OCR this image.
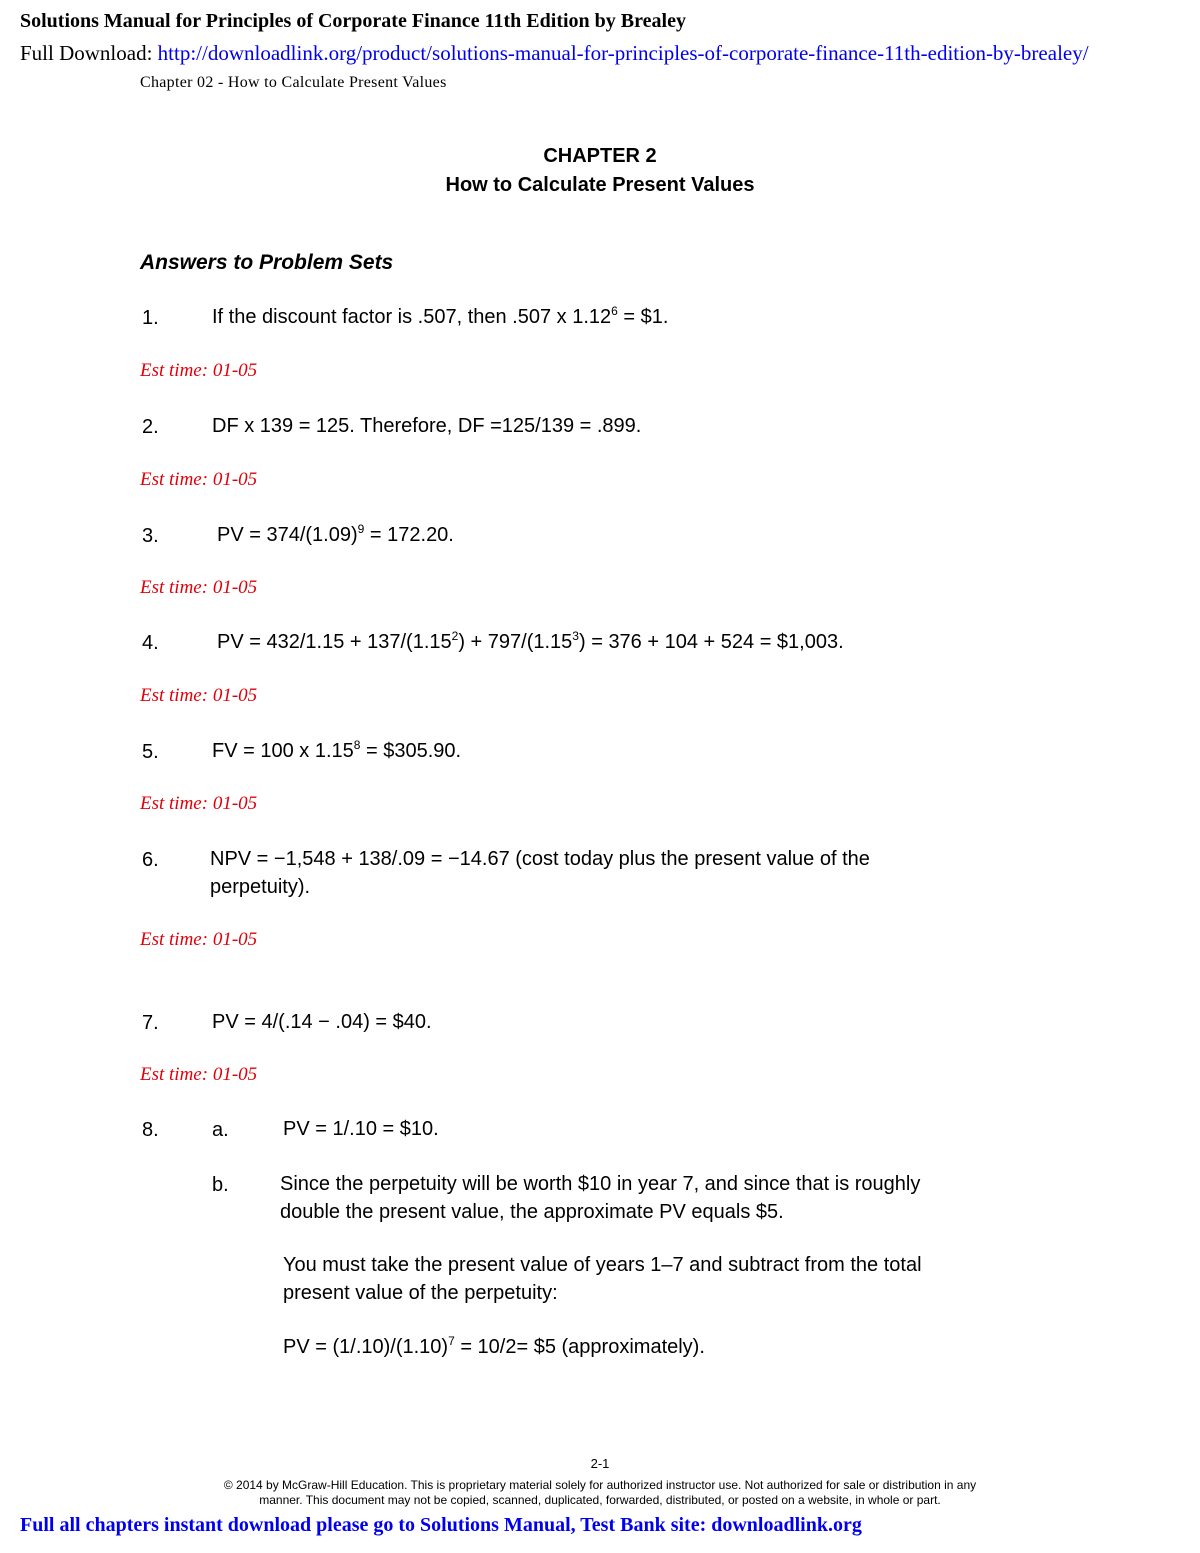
Solutions Manual for Principles of Corporate Finance 11th Edition by Brealey
Full Download: http://downloadlink.org/product/solutions-manual-for-principles-of-corporate-finance-11th-edition-by-brealey/
Chapter 02 - How to Calculate Present Values
CHAPTER 2
How to Calculate Present Values
Answers to Problem Sets
1.	If the discount factor is .507, then .507 x $1.12^6$ = $1.
Est time: 01-05
2.	DF x 139 = 125. Therefore, DF =125/139 = .899.
Est time: 01-05
3.	PV = $374/(1.09)^9 = 172.20$.
Est time: 01-05
4.	PV = $432/1.15 + 137/(1.15^2) + 797/(1.15^3) = 376 + 104 + 524$ = $1,003.
Est time: 01-05
5.	FV = 100 x $1.15^8$ = $305.90.
Est time: 01-05
6.	NPV = −1,548 + 138/.09 = −14.67 (cost today plus the present value of the
perpetuity).
Est time: 01-05
7.	PV = 4/(.14 − .04) = $40.
Est time: 01-05
8.	a.	PV = 1/.10 = $10.
b.	Since the perpetuity will be worth $10 in year 7, and since that is roughly
double the present value, the approximate PV equals $5.
You must take the present value of years 1–7 and subtract from the total
present value of the perpetuity:
PV = $(1/.10)/(1.10)^7 = 10/2=$ $5 (approximately).
2-1
© 2014 by McGraw-Hill Education. This is proprietary material solely for authorized instructor use. Not authorized for sale or distribution in any
manner. This document may not be copied, scanned, duplicated, forwarded, distributed, or posted on a website, in whole or part.
Full all chapters instant download please go to Solutions Manual, Test Bank site: downloadlink.org
